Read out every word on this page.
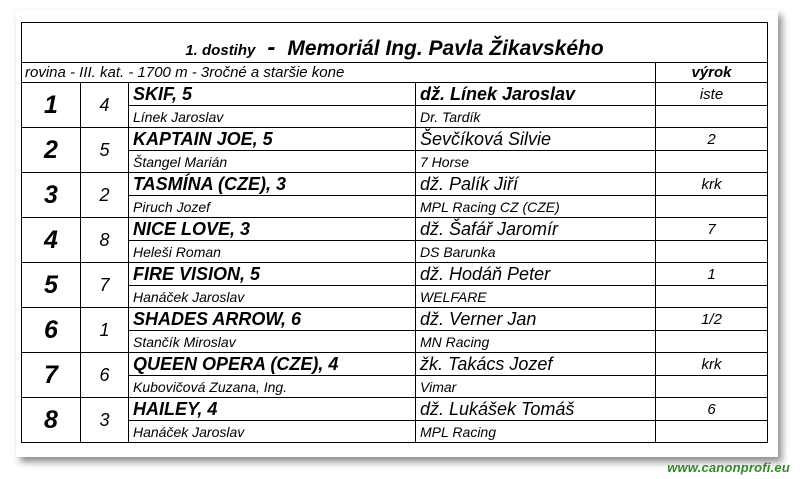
1. dostihy - Memoriál Ing. Pavla Žikavského				
rovina - III. kat. - 1700 m - 3ročné a staršie kone				výrok
1	4	SKIF, 5	dž. Línek Jaroslav	iste
		Línek Jaroslav	Dr. Tardík	
2	5	KAPTAIN JOE, 5	Ševčíková Silvie	2
		Štangel Marián	7 Horse	
3	2	TASMÍNA (CZE), 3	dž. Palík Jiří	krk
		Piruch Jozef	MPL Racing CZ (CZE)	
4	8	NICE LOVE, 3	dž. Šafář Jaromír	7
		Heleši Roman	DS Barunka	
5	7	FIRE VISION, 5	dž. Hodáň Peter	1
		Hanáček Jaroslav	WELFARE	
6	1	SHADES ARROW, 6	dž. Verner Jan	1/2
		Stančík Miroslav	MN Racing	
7	6	QUEEN OPERA (CZE), 4	žk. Takács Jozef	krk
		Kubovičová Zuzana, Ing.	Vimar	
8	3	HAILEY, 4	dž. Lukášek Tomáš	6
		Hanáček Jaroslav	MPL Racing	
www.canonprofi.eu
